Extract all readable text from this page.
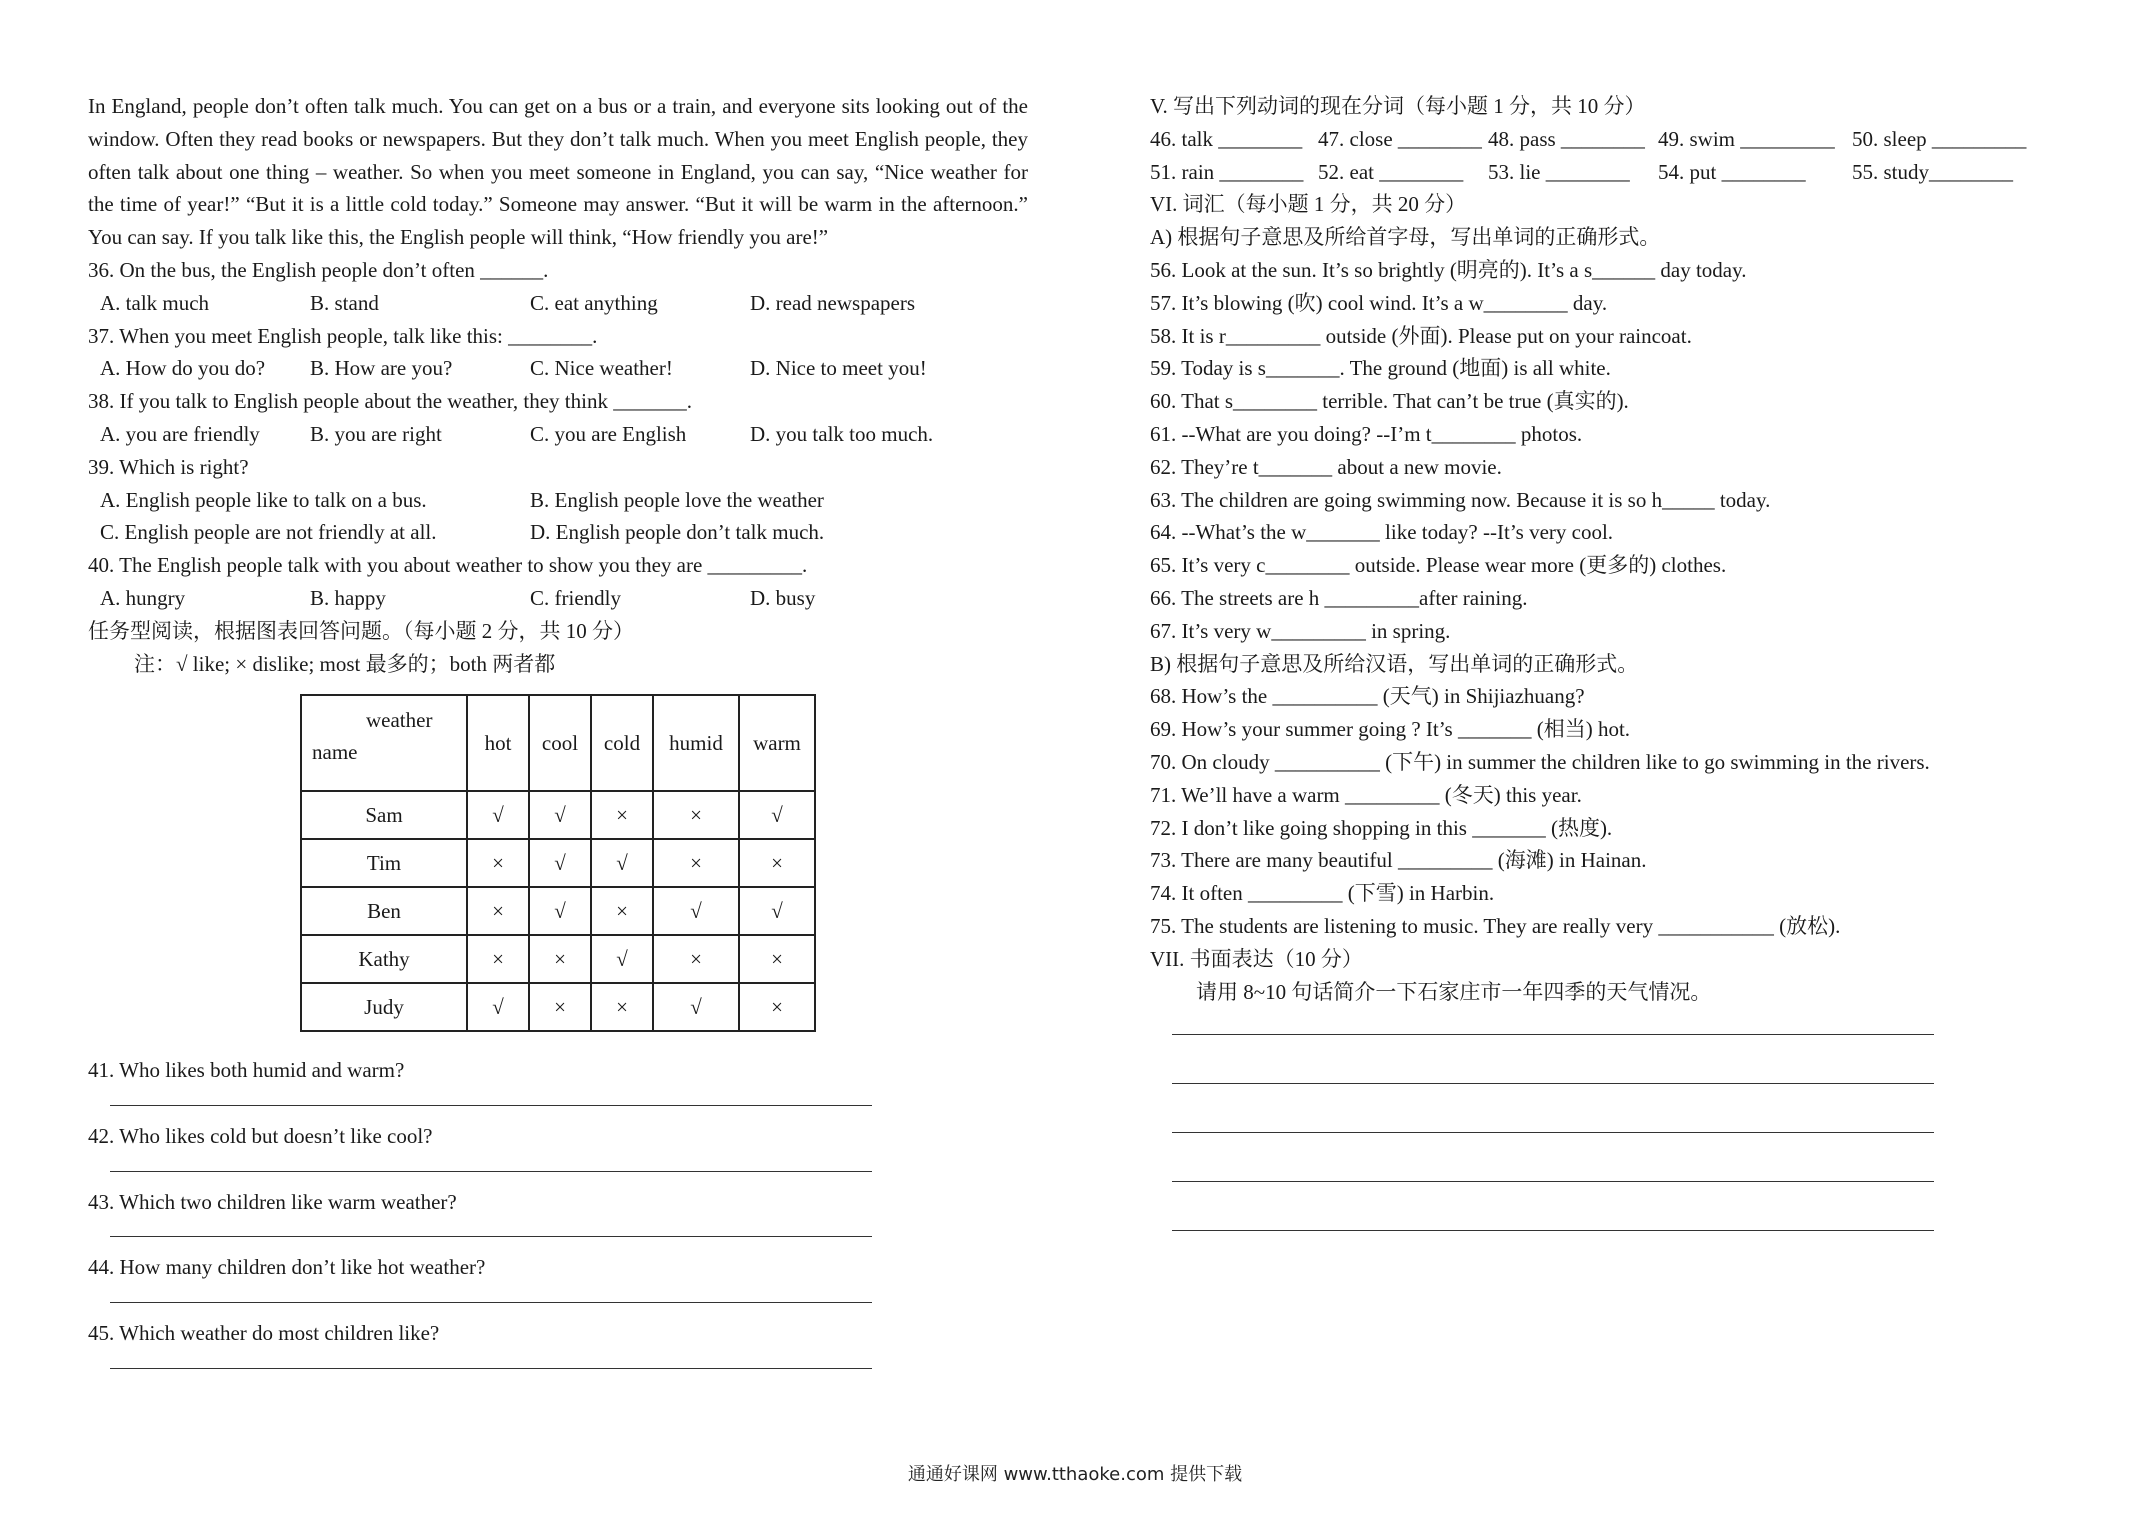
In England, people don’t often talk much. You can get on a bus or a train, and everyone sits looking out of the window. Often they read books or newspapers. But they don’t talk much. When you meet English people, they often talk about one thing – weather. So when you meet someone in England, you can say, “Nice weather for the time of year!” “But it is a little cold today.” Someone may answer. “But it will be warm in the afternoon.” You can say. If you talk like this, the English people will think, “How friendly you are!”

36. On the bus, the English people don’t often ______.

A. talk much	B. stand	C. eat anything	D. read newspapers

37. When you meet English people, talk like this: ________.

A. How do you do?	B. How are you?	C. Nice weather!	D. Nice to meet you!

38. If you talk to English people about the weather, they think _______.

A. you are friendly	B. you are right	C. you are English	D. you talk too much.

39. Which is right?

A. English people like to talk on a bus.	B. English people love the weather
C. English people are not friendly at all.	D. English people don’t talk much.

40. The English people talk with you about weather to show you they are _________.

A. hungry	B. happy	C. friendly	D. busy

任务型阅读，根据图表回答问题。（每小题 2 分，共 10 分）

注：√ like; × dislike; most 最多的；both 两者都

weather
name	hot	cool	cold	humid	warm
Sam	√	√	×	×	√
Tim	×	√	√	×	×
Ben	×	√	×	√	√
Kathy	×	×	√	×	×
Judy	√	×	×	√	×

41. Who likes both humid and warm?

42. Who likes cold but doesn’t like cool?

43. Which two children like warm weather?

44. How many children don’t like hot weather?

45. Which weather do most children like?

V. 写出下列动词的现在分词（每小题 1 分，共 10 分）

46. talk ________ 47. close ________ 48. pass ________ 49. swim _________ 50. sleep _________
51. rain ________ 52. eat ________	53. lie ________	54. put ________	55. study________

VI. 词汇（每小题 1 分，共 20 分）

A) 根据句子意思及所给首字母，写出单词的正确形式。

56. Look at the sun. It’s so brightly (明亮的). It’s a s______ day today.

57. It’s blowing (吹) cool wind. It’s a w________ day.

58. It is r_________ outside (外面). Please put on your raincoat.

59. Today is s_______. The ground (地面) is all white.

60. That s________ terrible. That can’t be true (真实的).

61. --What are you doing? --I’m t________ photos.

62. They’re t_______ about a new movie.

63. The children are going swimming now. Because it is so h_____ today.

64. --What’s the w_______ like today? --It’s very cool.

65. It’s very c________ outside. Please wear more (更多的) clothes.

66. The streets are h _________after raining.

67. It’s very w_________ in spring.

B) 根据句子意思及所给汉语，写出单词的正确形式。

68. How’s the __________ (天气) in Shijiazhuang?

69. How’s your summer going ? It’s _______ (相当) hot.

70. On cloudy __________ (下午) in summer the children like to go swimming in the rivers.

71. We’ll have a warm _________ (冬天) this year.

72. I don’t like going shopping in this _______ (热度).

73. There are many beautiful _________ (海滩) in Hainan.

74. It often _________ (下雪) in Harbin.

75. The students are listening to music. They are really very ___________ (放松).

VII. 书面表达（10 分）

请用 8~10 句话简介一下石家庄市一年四季的天气情况。

通通好课网 www.tthaoke.com 提供下载
